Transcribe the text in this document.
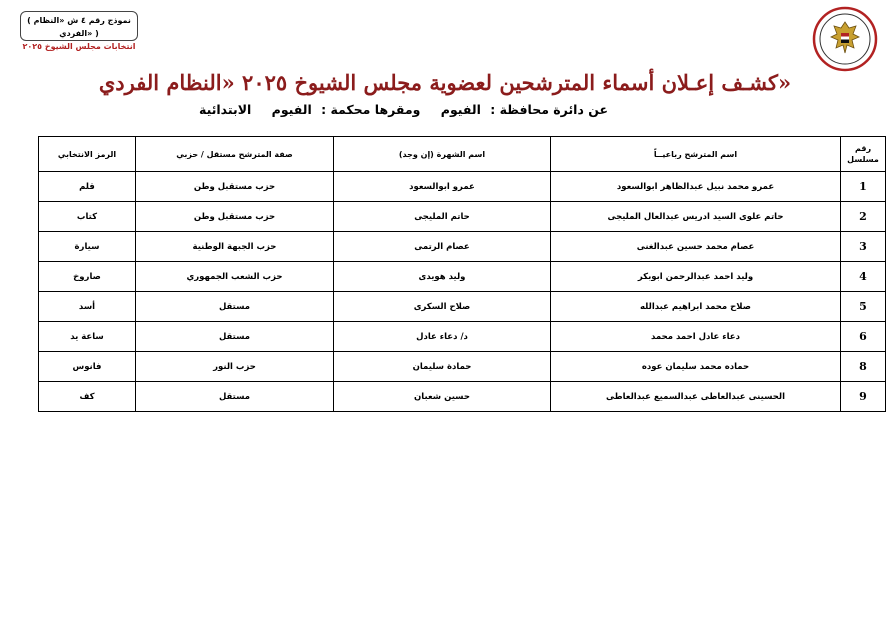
( نموذج رقم ٤ ش «النظام الفردي» )
انتخابات مجلس الشيوخ ٢٠٢٥
كشـف إعـلان أسماء المترشحين لعضوية مجلس الشيوخ ٢٠٢٥ «النظام الفردي»
عن دائرة محافظة : الفيوم ومقرها محكمة : الفيوم الابتدائية
رقم مسلسل	اسم المترشح رباعيــاً	اسم الشهرة (إن وجد)	صفة المترشح مستقل / حزبي	الرمز الانتخابي
1	عمرو محمد نبيل عبدالظاهر ابوالسعود	عمرو ابوالسعود	حزب مستقبل وطن	قلم
2	حاتم علوى السيد ادريس عبدالعال المليجى	حاتم المليجى	حزب مستقبل وطن	كتاب
3	عصام محمد حسين عبدالغنى	عصام الرتمى	حزب الجبهة الوطنية	سيارة
4	وليد احمد عبدالرحمن ابوبكر	وليد هويدى	حزب الشعب الجمهوري	صاروخ
5	صلاح محمد ابراهيم عبدالله	صلاح السكرى	مستقل	أسد
6	دعاء عادل احمد محمد	د/ دعاء عادل	مستقل	ساعة يد
8	حماده محمد سليمان عوده	حمادة سليمان	حزب النور	فانوس
9	الحسينى عبدالعاطى عبدالسميع عبدالعاطى	حسين شعبان	مستقل	كف
